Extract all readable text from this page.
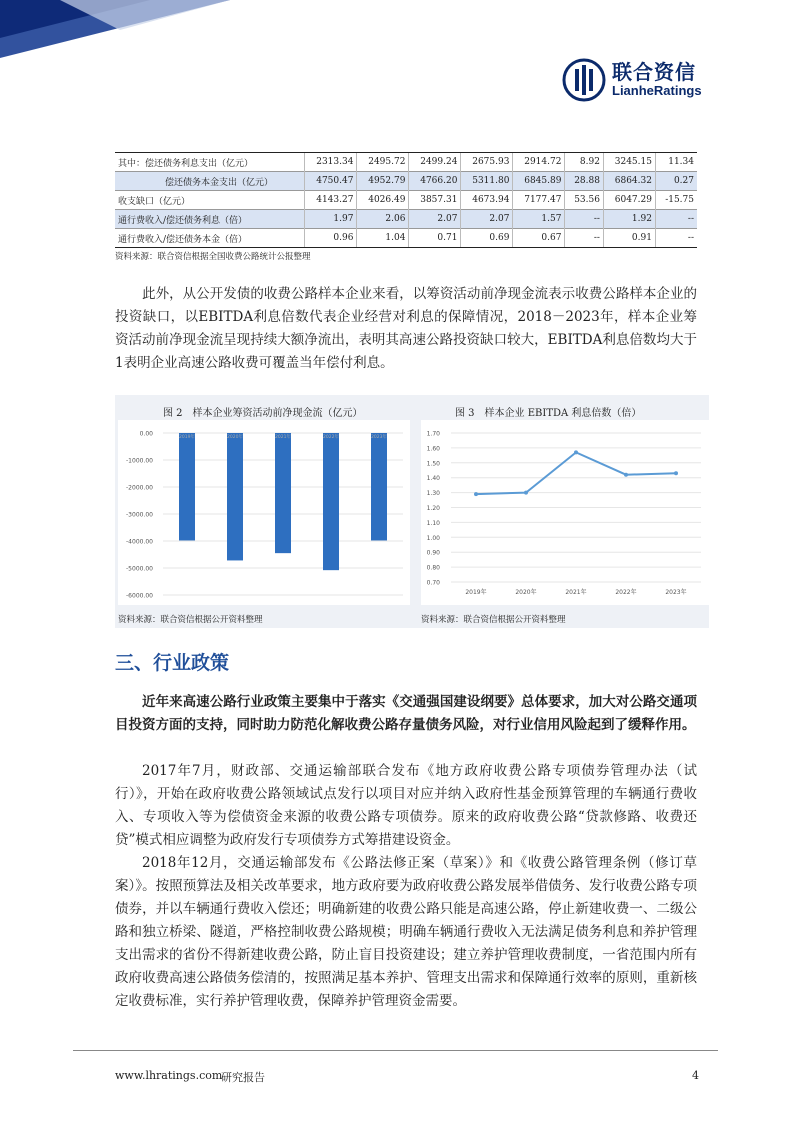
联合资信
LianheRatings
其中：偿还债务利息支出（亿元）	2313.34	2495.72	2499.24	2675.93	2914.72	8.92	3245.15	11.34
偿还债务本金支出（亿元）	4750.47	4952.79	4766.20	5311.80	6845.89	28.88	6864.32	0.27
收支缺口（亿元）	4143.27	4026.49	3857.31	4673.94	7177.47	53.56	6047.29	-15.75
通行费收入/偿还债务利息（倍）	1.97	2.06	2.07	2.07	1.57	--	1.92	--
通行费收入/偿还债务本金（倍）	0.96	1.04	0.71	0.69	0.67	--	0.91	--
资料来源：联合资信根据全国收费公路统计公报整理

此外，从公开发债的收费公路样本企业来看，以筹资活动前净现金流表示收费公路样本企业的投资缺口，以EBITDA利息倍数代表企业经营对利息的保障情况，2018－2023年，样本企业筹资活动前净现金流呈现持续大额净流出，表明其高速公路投资缺口较大，EBITDA利息倍数均大于1表明企业高速公路收费可覆盖当年偿付利息。

图 2　样本企业筹资活动前净现金流（亿元）	图 3　样本企业 EBITDA 利息倍数（倍）
0.00
-1000.00
-2000.00
-3000.00
-4000.00
-5000.00
-6000.00
2019年	2020年	2021年	2022年	2023年	1.70
1.60
1.50
1.40
1.30
1.20
1.10
1.00
0.90
0.80
0.70
2019年	2020年	2021年	2022年	2023年
资料来源：联合资信根据公开资料整理	资料来源：联合资信根据公开资料整理
三、行业政策

近年来高速公路行业政策主要集中于落实《交通强国建设纲要》总体要求，加大对公路交通项目投资方面的支持，同时助力防范化解收费公路存量债务风险，对行业信用风险起到了缓释作用。

2017年7月，财政部、交通运输部联合发布《地方政府收费公路专项债券管理办法（试行）》，开始在政府收费公路领域试点发行以项目对应并纳入政府性基金预算管理的车辆通行费收入、专项收入等为偿债资金来源的收费公路专项债券。原来的政府收费公路“贷款修路、收费还贷”模式相应调整为政府发行专项债券方式筹措建设资金。

2018年12月，交通运输部发布《公路法修正案（草案）》和《收费公路管理条例（修订草案）》。按照预算法及相关改革要求，地方政府要为政府收费公路发展举借债务、发行收费公路专项债券，并以车辆通行费收入偿还；明确新建的收费公路只能是高速公路，停止新建收费一、二级公路和独立桥梁、隧道，严格控制收费公路规模；明确车辆通行费收入无法满足债务利息和养护管理支出需求的省份不得新建收费公路，防止盲目投资建设；建立养护管理收费制度，一省范围内所有政府收费高速公路债务偿清的，按照满足基本养护、管理支出需求和保障通行效率的原则，重新核定收费标准，实行养护管理收费，保障养护管理资金需要。

www.lhratings.com
研究报告	4
